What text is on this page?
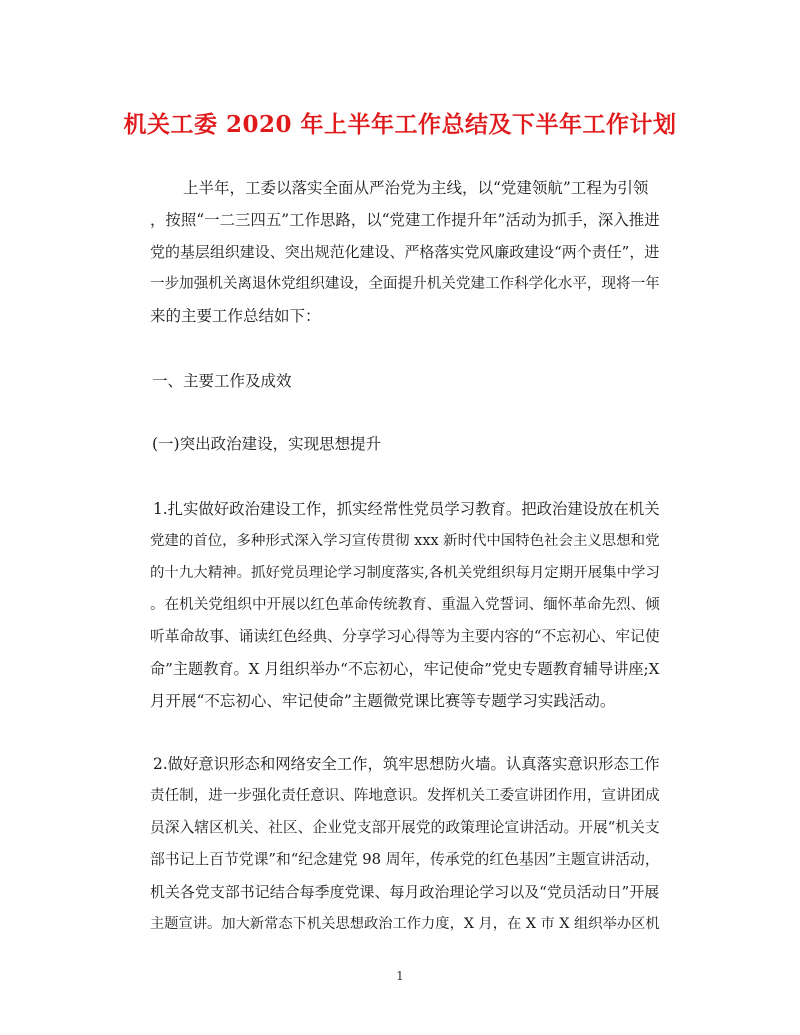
机关工委 2020 年上半年工作总结及下半年工作计划
上半年，工委以落实全面从严治党为主线，以“党建领航”工程为引领
，按照“一二三四五”工作思路，以“党建工作提升年”活动为抓手，深入推进
党的基层组织建设、突出规范化建设、严格落实党风廉政建设“两个责任”，进
一步加强机关离退休党组织建设，全面提升机关党建工作科学化水平，现将一年
来的主要工作总结如下：
一、主要工作及成效
(一)突出政治建设，实现思想提升
1.扎实做好政治建设工作，抓实经常性党员学习教育。把政治建设放在机关
党建的首位，多种形式深入学习宣传贯彻 xxx 新时代中国特色社会主义思想和党
的十九大精神。抓好党员理论学习制度落实,各机关党组织每月定期开展集中学习
。在机关党组织中开展以红色革命传统教育、重温入党誓词、缅怀革命先烈、倾
听革命故事、诵读红色经典、分享学习心得等为主要内容的“不忘初心、牢记使
命”主题教育。X 月组织举办“不忘初心，牢记使命”党史专题教育辅导讲座;X
月开展“不忘初心、牢记使命”主题微党课比赛等专题学习实践活动。
2.做好意识形态和网络安全工作，筑牢思想防火墙。认真落实意识形态工作
责任制，进一步强化责任意识、阵地意识。发挥机关工委宣讲团作用，宣讲团成
员深入辖区机关、社区、企业党支部开展党的政策理论宣讲活动。开展“机关支
部书记上百节党课”和“纪念建党 98 周年，传承党的红色基因”主题宣讲活动，
机关各党支部书记结合每季度党课、每月政治理论学习以及“党员活动日”开展
主题宣讲。加大新常态下机关思想政治工作力度，X 月，在 X 市 X 组织举办区机
1
